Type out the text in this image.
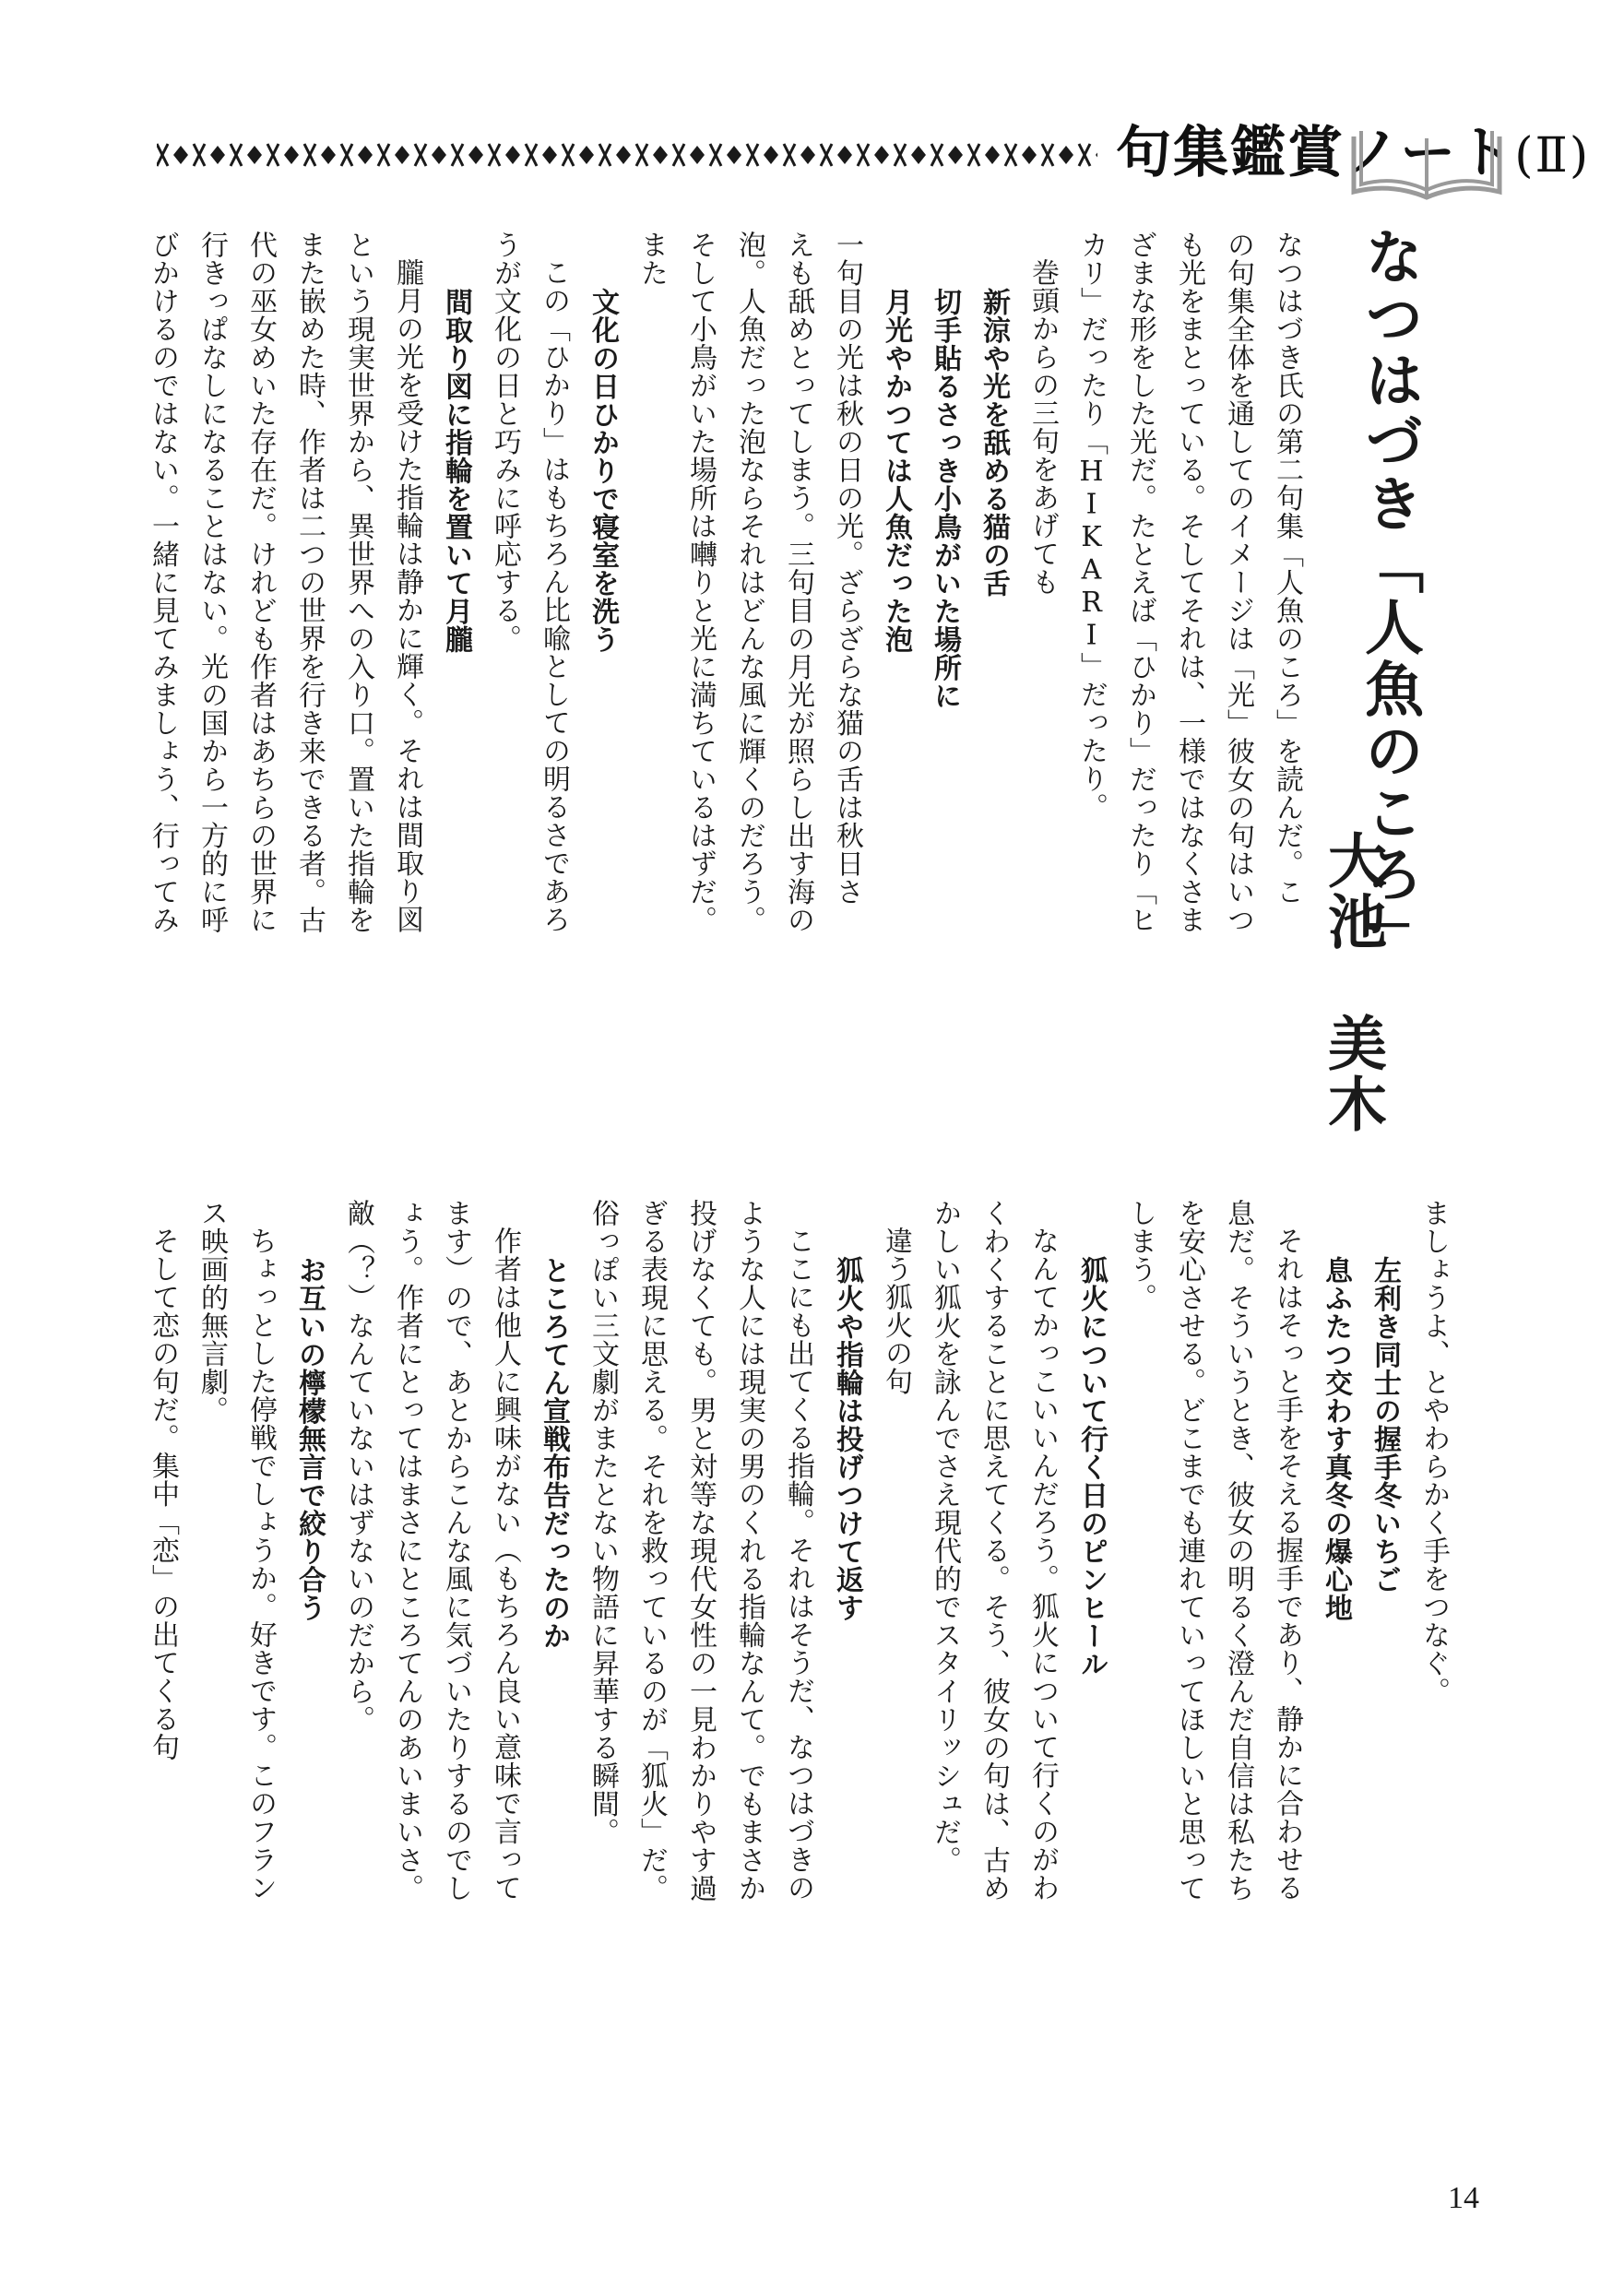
句集鑑賞ノート(Ⅱ)
なつはづき「人魚のころ」
大池　美木
なつはづき氏の第二句集「人魚のころ」を読んだ。こ
の句集全体を通してのイメージは「光」彼女の句はいつ
も光をまとっている。そしてそれは、一様ではなくさま
ざまな形をした光だ。たとえば「ひかり」だったり「ヒ
カリ」だったり「HIKARI」だったり。
巻頭からの三句をあげても
新涼や光を舐める猫の舌
切手貼るさっき小鳥がいた場所に
月光やかつては人魚だった泡
一句目の光は秋の日の光。ざらざらな猫の舌は秋日さ
えも舐めとってしまう。三句目の月光が照らし出す海の
泡。人魚だった泡ならそれはどんな風に輝くのだろう。
そして小鳥がいた場所は囀りと光に満ちているはずだ。
また
文化の日ひかりで寝室を洗う
この「ひかり」はもちろん比喩としての明るさであろ
うが文化の日と巧みに呼応する。
間取り図に指輪を置いて月朧
朧月の光を受けた指輪は静かに輝く。それは間取り図
という現実世界から、異世界への入り口。置いた指輪を
また嵌めた時、作者は二つの世界を行き来できる者。古
代の巫女めいた存在だ。けれども作者はあちらの世界に
行きっぱなしになることはない。光の国から一方的に呼
びかけるのではない。一緒に見てみましょう、行ってみ
ましょうよ、とやわらかく手をつなぐ。
左利き同士の握手冬いちご
息ふたつ交わす真冬の爆心地
それはそっと手をそえる握手であり、静かに合わせる
息だ。そういうとき、彼女の明るく澄んだ自信は私たち
を安心させる。どこまでも連れていってほしいと思って
しまう。
狐火について行く日のピンヒール
なんてかっこいいんだろう。狐火について行くのがわ
くわくすることに思えてくる。そう、彼女の句は、古め
かしい狐火を詠んでさえ現代的でスタイリッシュだ。
違う狐火の句
狐火や指輪は投げつけて返す
ここにも出てくる指輪。それはそうだ、なつはづきの
ような人には現実の男のくれる指輪なんて。でもまさか
投げなくても。男と対等な現代女性の一見わかりやす過
ぎる表現に思える。それを救っているのが「狐火」だ。
俗っぽい三文劇がまたとない物語に昇華する瞬間。
ところてん宣戦布告だったのか
作者は他人に興味がない（もちろん良い意味で言って
ます）ので、あとからこんな風に気づいたりするのでし
ょう。作者にとってはまさにところてんのあいまいさ。
敵（？）なんていないはずないのだから。
お互いの檸檬無言で絞り合う
ちょっとした停戦でしょうか。好きです。このフラン
ス映画的無言劇。
そして恋の句だ。集中「恋」の出てくる句
14
